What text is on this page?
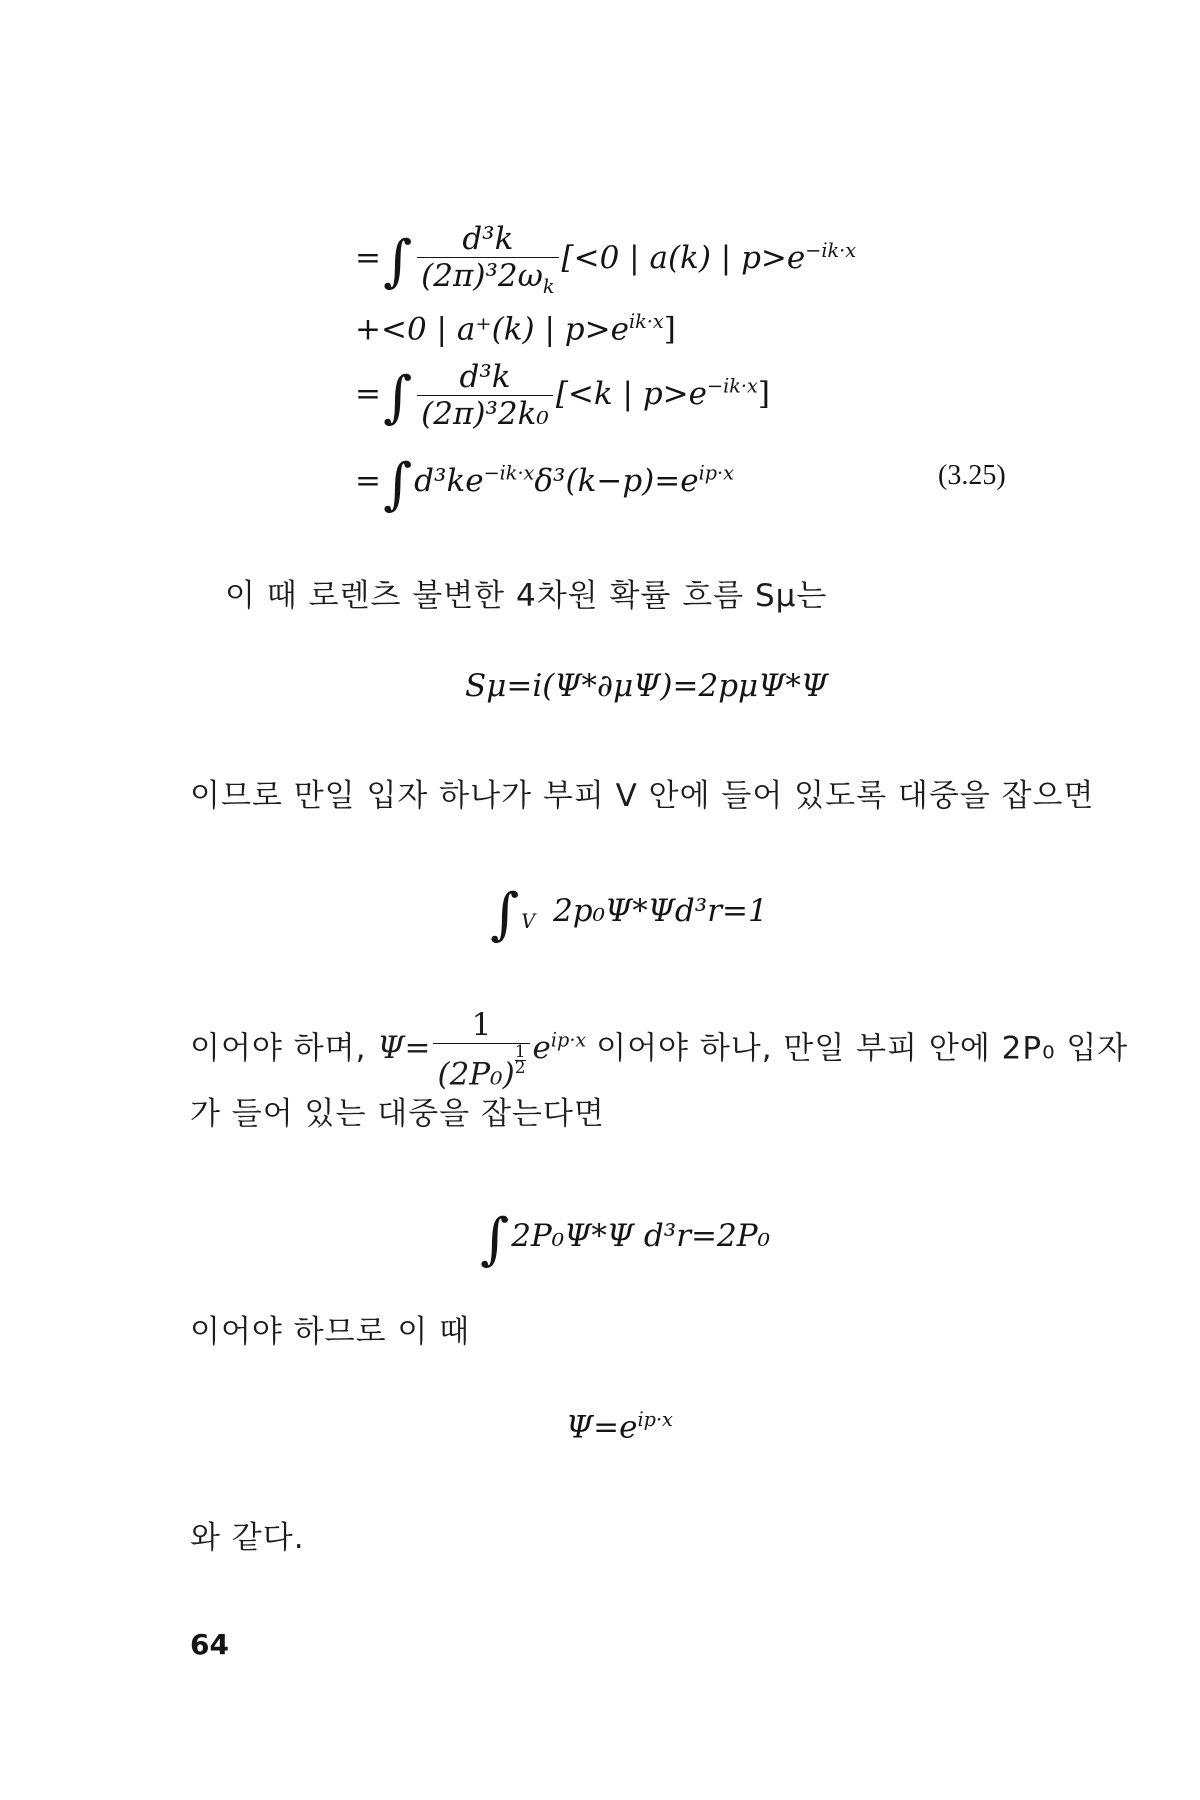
=∫ $\frac{\text{d³k}}{(2\pi)^32\omega_k} [<0$ | a(k) | $p>e^{-ik\cdot x}$
+<0 | a⁺(k) | $p>e^{ik\cdot x}$]
=∫ $\frac{\text{d³k}}{\text{(2π)³2k₀}} [<k$ | $p>e^{-ik\cdot x}$]
$=\int d^3ke^{-ik\cdot x}\delta^3(k-p)=e^{ip\cdot x}$	(3.25)
이 때 로렌츠 불변한 4차원 확률 흐름 Sμ는
Sμ=i(Ψ*∂μΨ)=2pμΨ*Ψ
이므로 만일 입자 하나가 부피 V 안에 들어 있도록 대중을 잡으면
∫ $_V$ 2p₀Ψ*Ψd³r=1
이어야 하며, $\Psi= \frac{1}{(2P_0) \frac{1}{2}} e^{ip\cdot x}$ 이어야 하나, 만일 부피 안에 2P₀ 입자
가 들어 있는 대중을 잡는다면
∫2P₀Ψ*Ψ d³r=2P₀
이어야 하므로 이 때
$\Psi=e^{ip\cdot x}$
와 같다.
64
